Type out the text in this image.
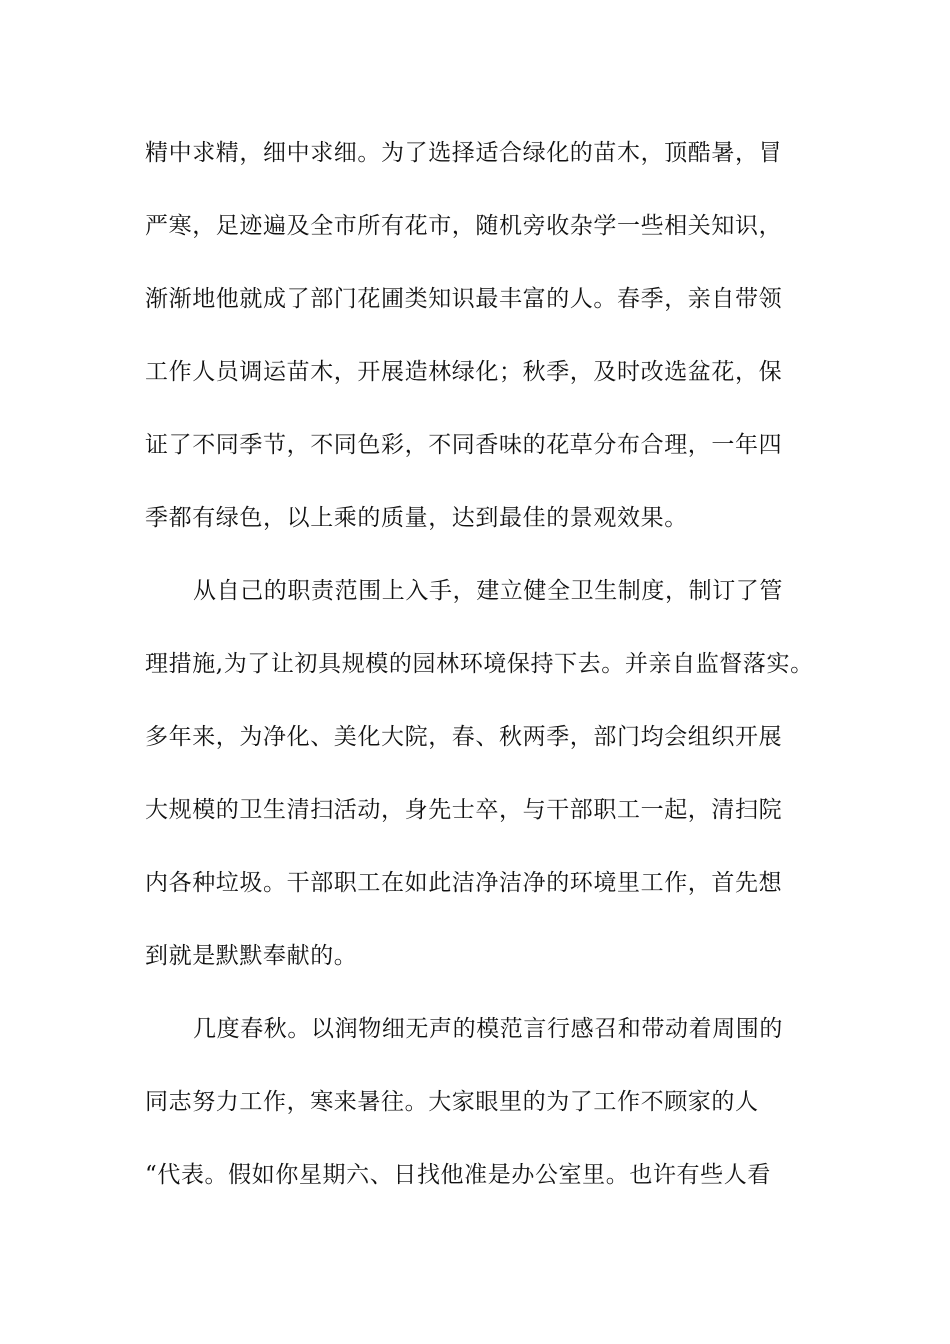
精中求精，细中求细。为了选择适合绿化的苗木，顶酷暑，冒
严寒，足迹遍及全市所有花市，随机旁收杂学一些相关知识，
渐渐地他就成了部门花圃类知识最丰富的人。春季，亲自带领
工作人员调运苗木，开展造林绿化；秋季，及时改选盆花，保
证了不同季节，不同色彩，不同香味的花草分布合理，一年四
季都有绿色，以上乘的质量，达到最佳的景观效果。
从自己的职责范围上入手，建立健全卫生制度，制订了管
理措施,为了让初具规模的园林环境保持下去。并亲自监督落实。
多年来，为净化、美化大院，春、秋两季，部门均会组织开展
大规模的卫生清扫活动，身先士卒，与干部职工一起，清扫院
内各种垃圾。干部职工在如此洁净洁净的环境里工作，首先想
到就是默默奉献的。
几度春秋。以润物细无声的模范言行感召和带动着周围的
同志努力工作，寒来暑往。大家眼里的为了工作不顾家的人
“代表。假如你星期六、日找他准是办公室里。也许有些人看
